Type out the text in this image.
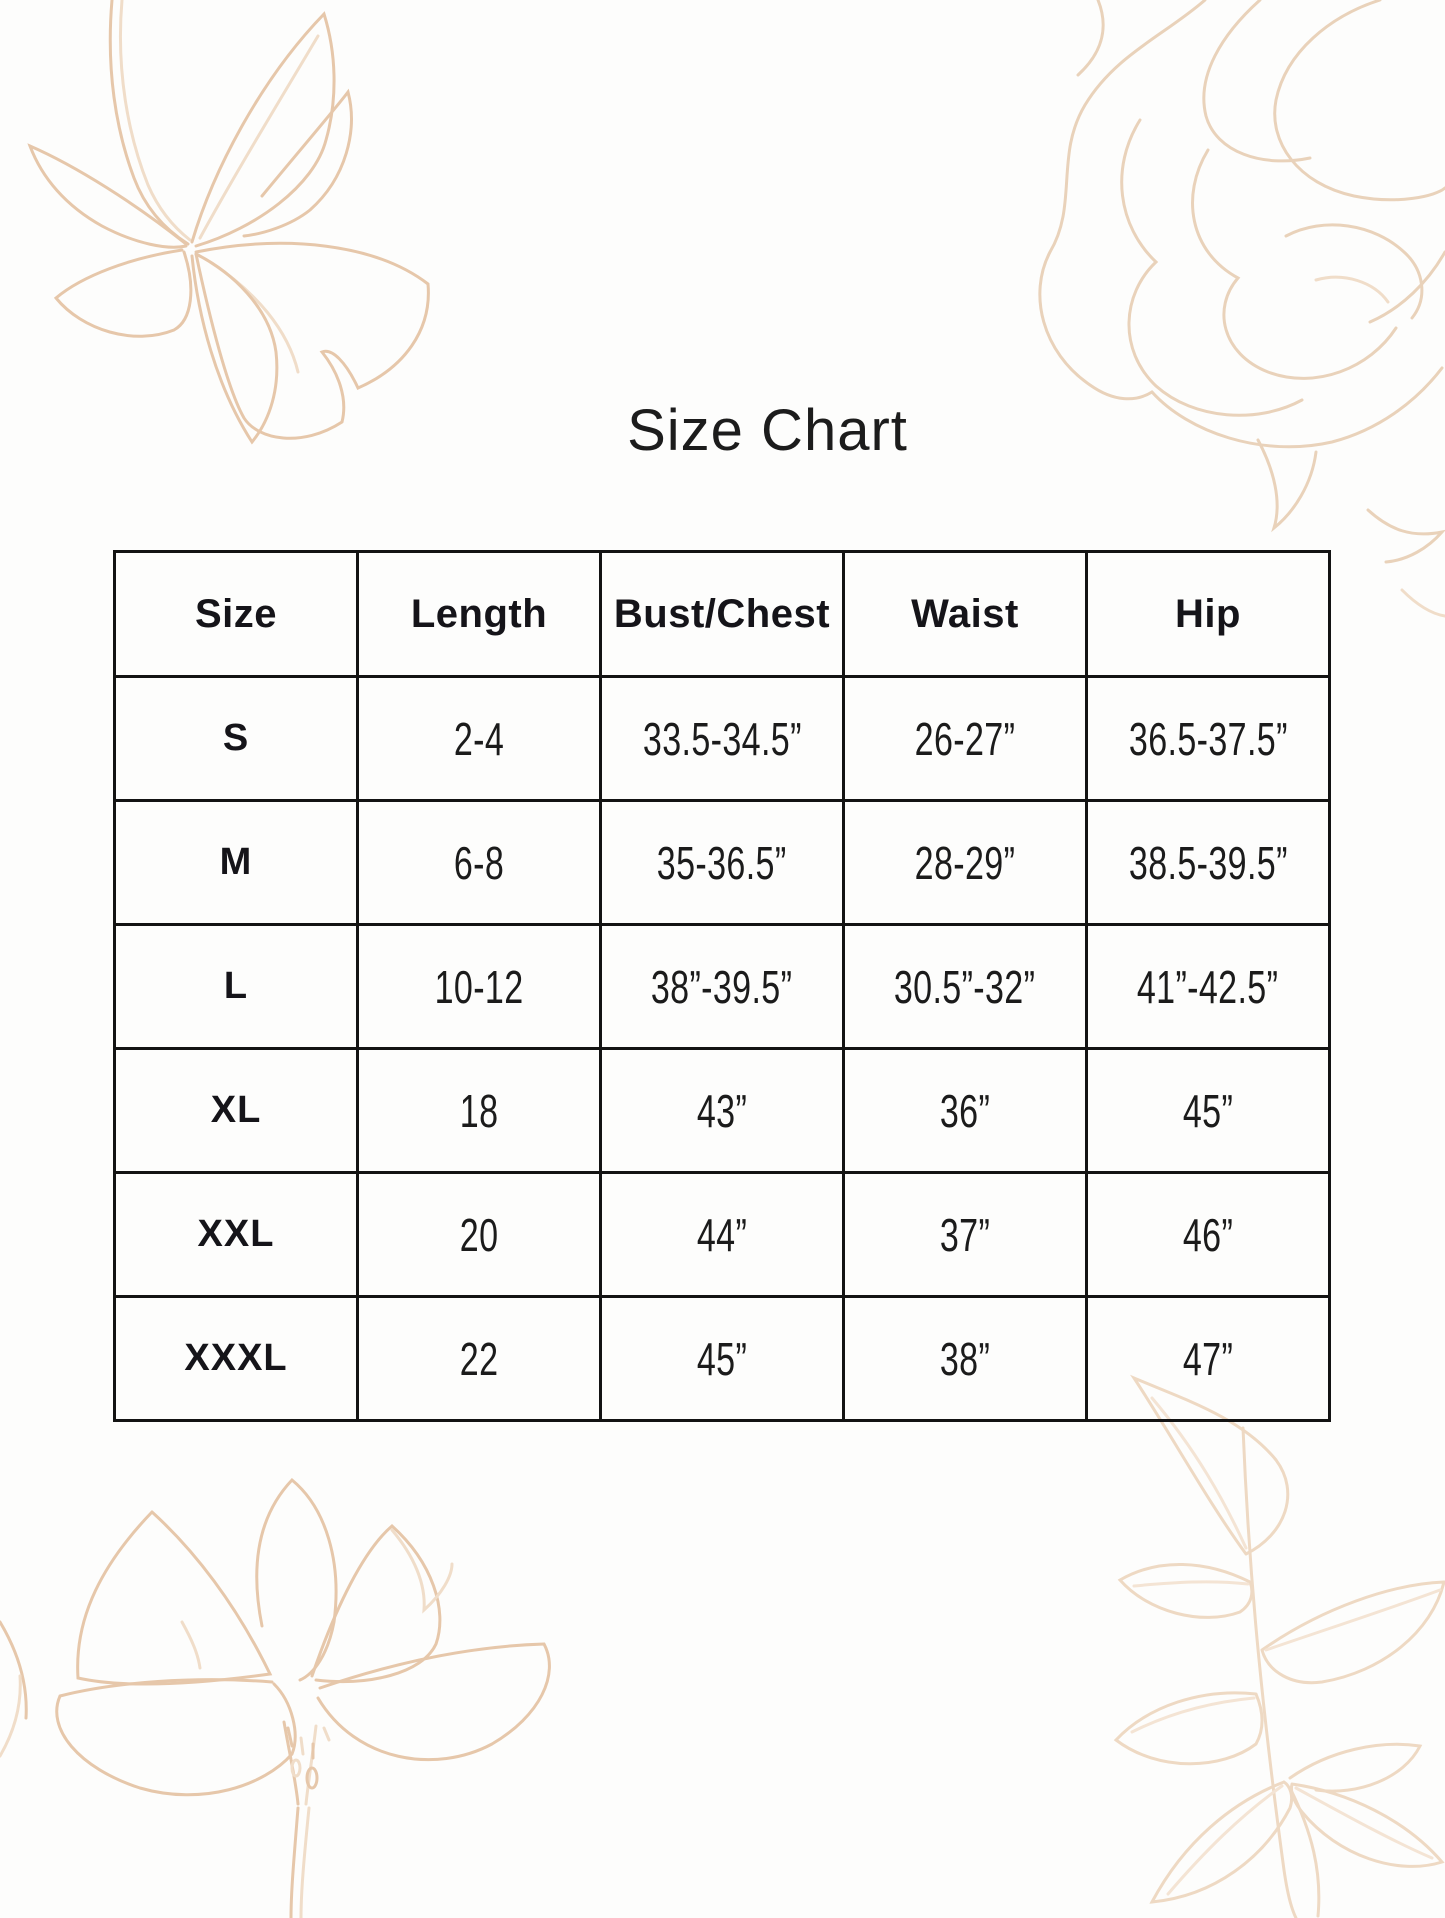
Size Chart
Size	Length	Bust/Chest	Waist	Hip
S	2-4	33.5-34.5”	26-27”	36.5-37.5”
M	6-8	35-36.5”	28-29”	38.5-39.5”
L	10-12	38”-39.5”	30.5”-32”	41”-42.5”
XL	18	43”	36”	45”
XXL	20	44”	37”	46”
XXXL	22	45”	38”	47”
